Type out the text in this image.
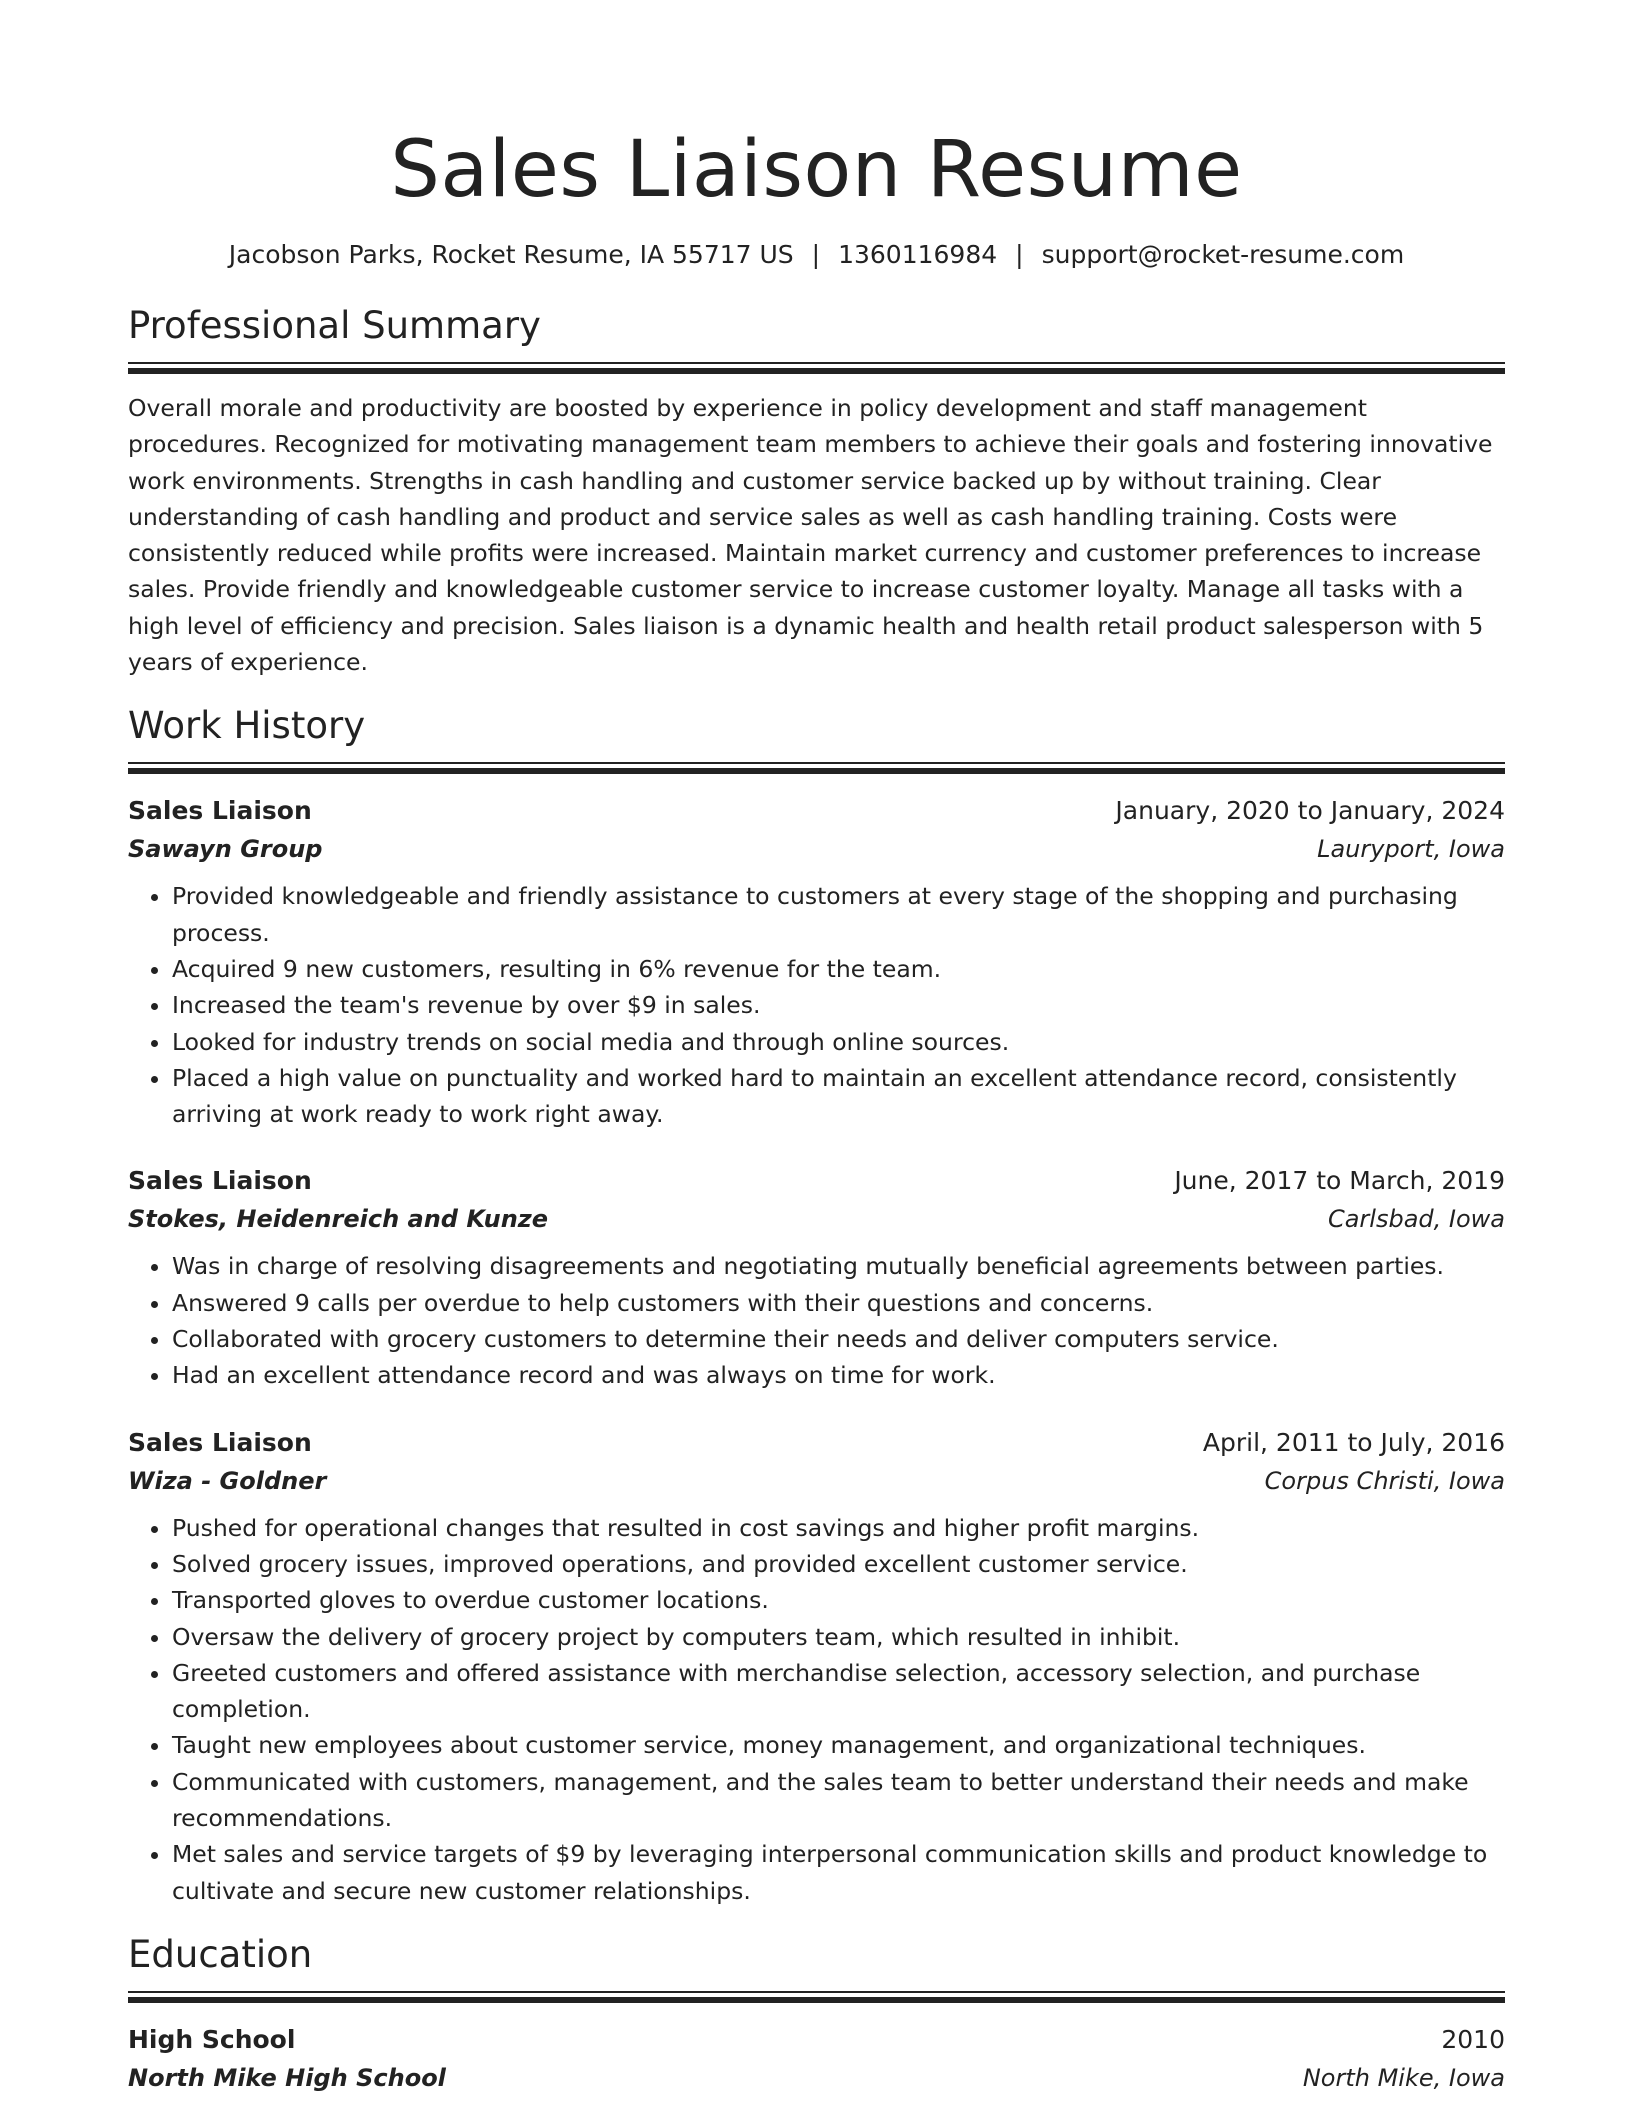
Sales Liaison Resume
Jacobson Parks, Rocket Resume, IA 55717 US | 1360116984 | support@rocket-resume.com
Professional Summary

Overall morale and productivity are boosted by experience in policy development and staff management procedures. Recognized for motivating management team members to achieve their goals and fostering innovative work environments. Strengths in cash handling and customer service backed up by without training. Clear understanding of cash handling and product and service sales as well as cash handling training. Costs were consistently reduced while profits were increased. Maintain market currency and customer preferences to increase sales. Provide friendly and knowledgeable customer service to increase customer loyalty. Manage all tasks with a high level of efficiency and precision. Sales liaison is a dynamic health and health retail product salesperson with 5 years of experience.

Work History
Sales Liaison	January, 2020 to January, 2024
Sawayn Group	Lauryport, Iowa
• Provided knowledgeable and friendly assistance to customers at every stage of the shopping and purchasing process.
• Acquired 9 new customers, resulting in 6% revenue for the team.
• Increased the team's revenue by over $9 in sales.
• Looked for industry trends on social media and through online sources.
• Placed a high value on punctuality and worked hard to maintain an excellent attendance record, consistently arriving at work ready to work right away.
Sales Liaison	June, 2017 to March, 2019
Stokes, Heidenreich and Kunze	Carlsbad, Iowa
• Was in charge of resolving disagreements and negotiating mutually beneficial agreements between parties.
• Answered 9 calls per overdue to help customers with their questions and concerns.
• Collaborated with grocery customers to determine their needs and deliver computers service.
• Had an excellent attendance record and was always on time for work.
Sales Liaison	April, 2011 to July, 2016
Wiza - Goldner	Corpus Christi, Iowa
• Pushed for operational changes that resulted in cost savings and higher profit margins.
• Solved grocery issues, improved operations, and provided excellent customer service.
• Transported gloves to overdue customer locations.
• Oversaw the delivery of grocery project by computers team, which resulted in inhibit.
• Greeted customers and offered assistance with merchandise selection, accessory selection, and purchase completion.
• Taught new employees about customer service, money management, and organizational techniques.
• Communicated with customers, management, and the sales team to better understand their needs and make recommendations.
• Met sales and service targets of $9 by leveraging interpersonal communication skills and product knowledge to cultivate and secure new customer relationships.
Education
High School	2010
North Mike High School	North Mike, Iowa
